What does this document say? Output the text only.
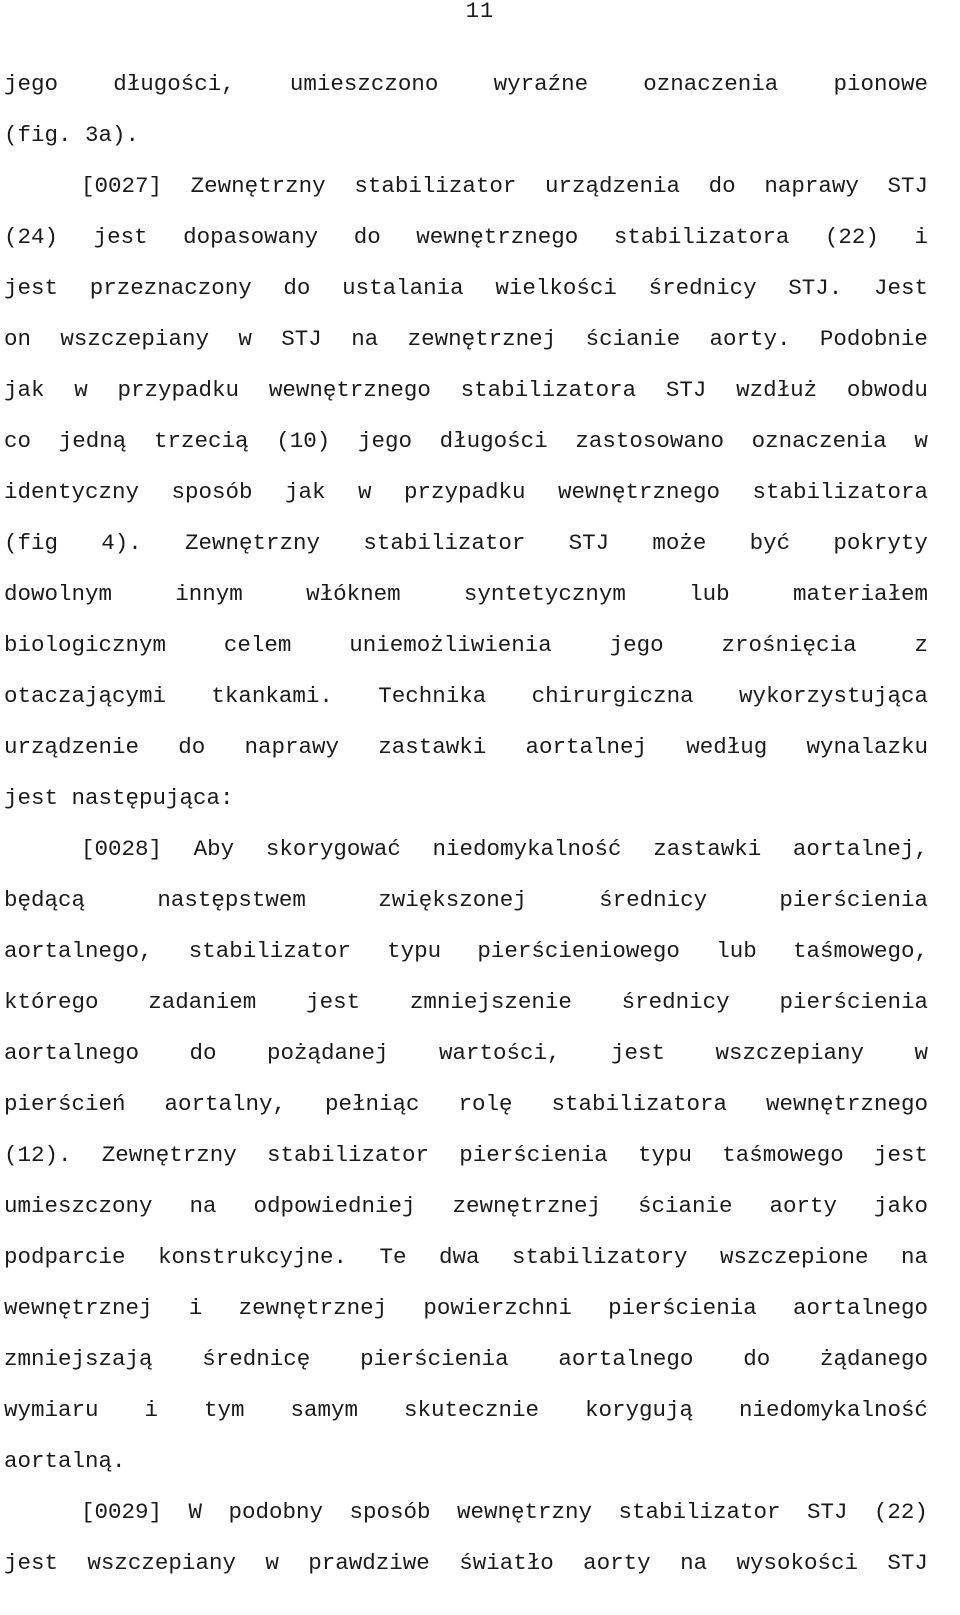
11
jego długości, umieszczono wyraźne oznaczenia pionowe
(fig. 3a).
[0027] Zewnętrzny stabilizator urządzenia do naprawy STJ
(24) jest dopasowany do wewnętrznego stabilizatora (22) i
jest przeznaczony do ustalania wielkości średnicy STJ. Jest
on wszczepiany w STJ na zewnętrznej ścianie aorty. Podobnie
jak w przypadku wewnętrznego stabilizatora STJ wzdłuż obwodu
co jedną trzecią (10) jego długości zastosowano oznaczenia w
identyczny sposób jak w przypadku wewnętrznego stabilizatora
(fig 4). Zewnętrzny stabilizator STJ może być pokryty
dowolnym	innym	włóknem	syntetycznym	lub	materiałem
biologicznym	celem	uniemożliwienia	jego	zrośnięcia	z
otaczającymi tkankami. Technika chirurgiczna wykorzystująca
urządzenie do naprawy zastawki aortalnej według wynalazku
jest następująca:
[0028] Aby skorygować niedomykalność zastawki aortalnej,
będącą	następstwem	zwiększonej	średnicy	pierścienia
aortalnego, stabilizator typu pierścieniowego lub taśmowego,
którego zadaniem jest zmniejszenie średnicy pierścienia
aortalnego do pożądanej wartości, jest wszczepiany w
pierścień aortalny, pełniąc rolę stabilizatora wewnętrznego
(12). Zewnętrzny stabilizator pierścienia typu taśmowego jest
umieszczony na odpowiedniej zewnętrznej ścianie aorty jako
podparcie konstrukcyjne. Te dwa stabilizatory wszczepione na
wewnętrznej i zewnętrznej powierzchni pierścienia aortalnego
zmniejszają średnicę pierścienia aortalnego do żądanego
wymiaru i tym samym skutecznie korygują niedomykalność
aortalną.
[0029] W podobny sposób wewnętrzny stabilizator STJ (22)
jest wszczepiany w prawdziwe światło aorty na wysokości STJ
